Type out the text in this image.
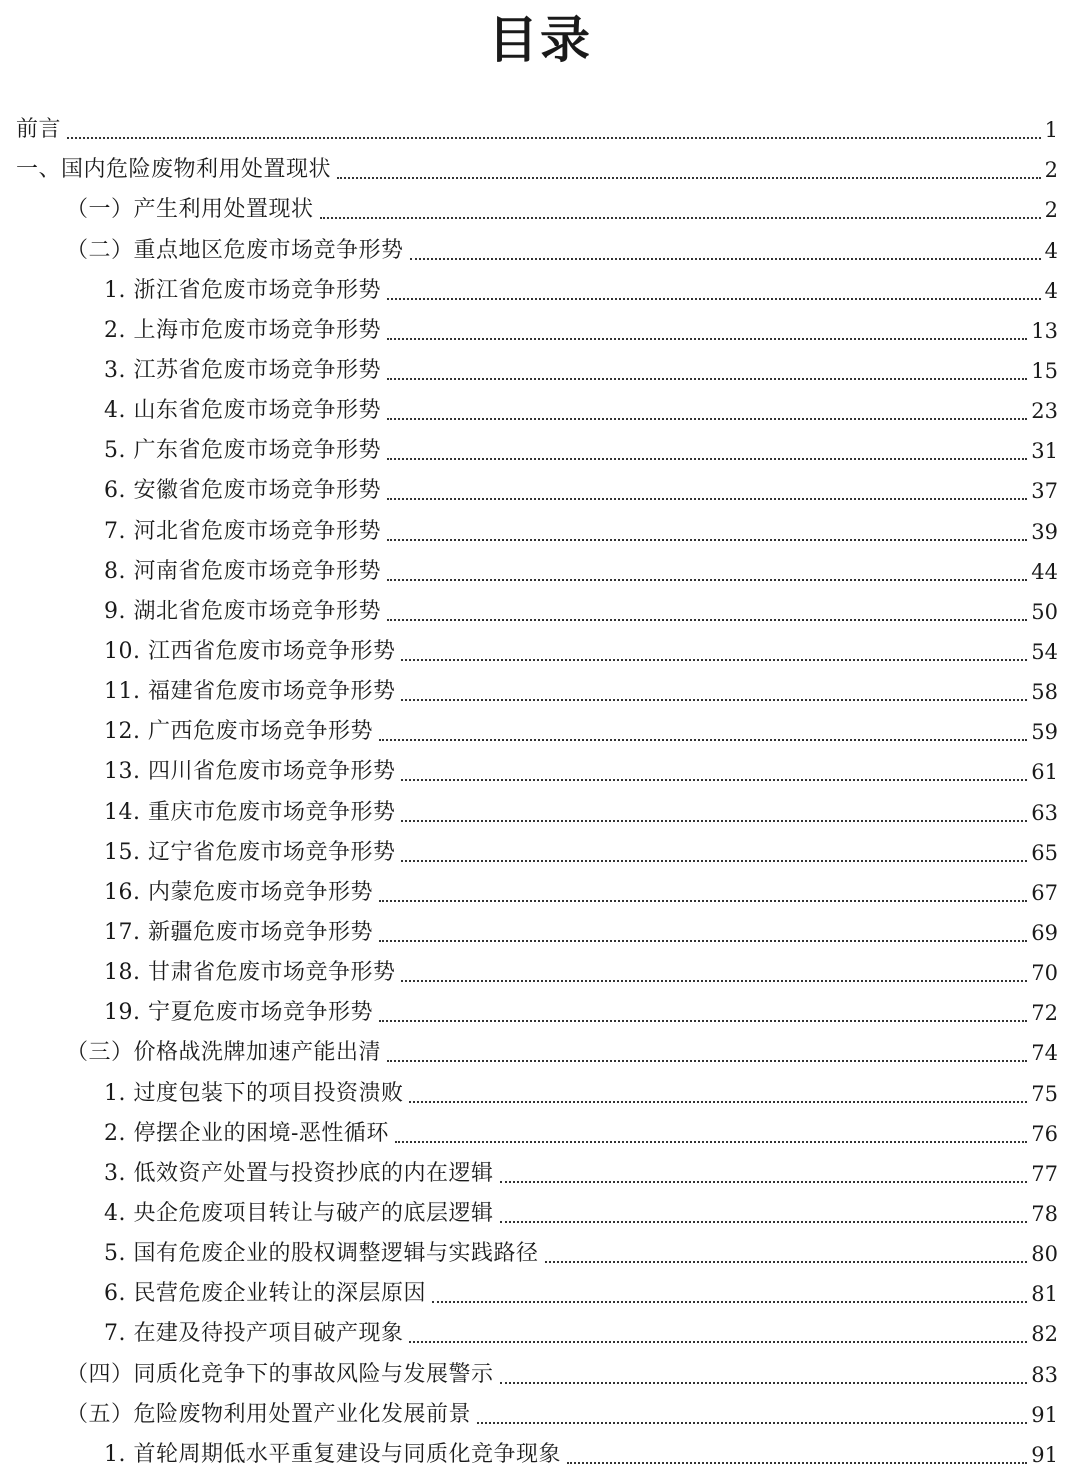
目录
前言	1
一、国内危险废物利用处置现状	2
（一）产生利用处置现状	2
（二）重点地区危废市场竞争形势	4
1. 浙江省危废市场竞争形势	4
2. 上海市危废市场竞争形势	13
3. 江苏省危废市场竞争形势	15
4. 山东省危废市场竞争形势	23
5. 广东省危废市场竞争形势	31
6. 安徽省危废市场竞争形势	37
7. 河北省危废市场竞争形势	39
8. 河南省危废市场竞争形势	44
9. 湖北省危废市场竞争形势	50
10. 江西省危废市场竞争形势	54
11. 福建省危废市场竞争形势	58
12. 广西危废市场竞争形势	59
13. 四川省危废市场竞争形势	61
14. 重庆市危废市场竞争形势	63
15. 辽宁省危废市场竞争形势	65
16. 内蒙危废市场竞争形势	67
17. 新疆危废市场竞争形势	69
18. 甘肃省危废市场竞争形势	70
19. 宁夏危废市场竞争形势	72
（三）价格战洗牌加速产能出清	74
1. 过度包装下的项目投资溃败	75
2. 停摆企业的困境-恶性循环	76
3. 低效资产处置与投资抄底的内在逻辑	77
4. 央企危废项目转让与破产的底层逻辑	78
5. 国有危废企业的股权调整逻辑与实践路径	80
6. 民营危废企业转让的深层原因	81
7. 在建及待投产项目破产现象	82
（四）同质化竞争下的事故风险与发展警示	83
（五）危险废物利用处置产业化发展前景	91
1. 首轮周期低水平重复建设与同质化竞争现象	91
